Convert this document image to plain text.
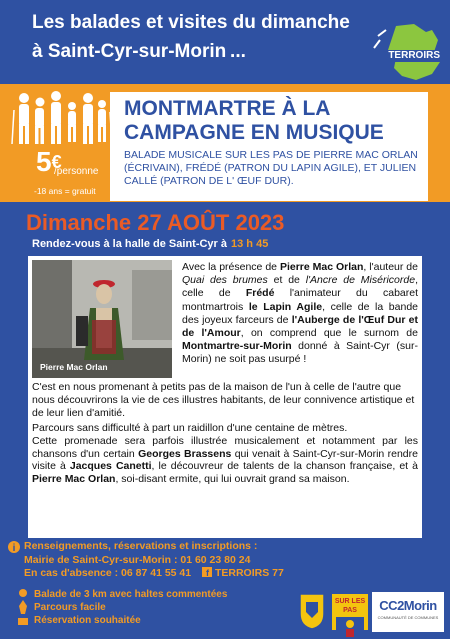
Les balades et visites du dimanche
à Saint-Cyr-sur-Morin ...	TERROIRS
MONTMARTRE À LA
CAMPAGNE EN MUSIQUE
BALADE MUSICALE SUR LES PAS DE PIERRE MAC ORLAN (ÉCRIVAIN), FRÉDÉ (PATRON DU LAPIN AGILE), ET JULIEN CALLÉ (PATRON DE L' ŒUF DUR).
5€
/personne
-18 ans = gratuit
Dimanche 27 AOÛT 2023
Rendez-vous à la halle de Saint-Cyr à 13 h 45
Pierre Mac Orlan
Avec la présence de Pierre Mac Orlan, l'auteur de Quai des brumes et de l'Ancre de Miséricorde, celle de Frédé l'animateur du cabaret montmartrois le Lapin Agile, celle de la bande des joyeux farceurs de l'Auberge de l'Œuf Dur et de l'Amour, on comprend que le surnom de Montmartre-sur-Morin donné à Saint-Cyr (sur-Morin) ne soit pas usurpé !

C'est en nous promenant à petits pas de la maison de l'un à celle de l'autre que nous découvrirons la vie de ces illustres habitants, de leur connivence artistique et de leur lien d'amitié.

Parcours sans difficulté à part un raidillon d'une centaine de mètres.

Cette promenade sera parfois illustrée musicalement et notamment par les chansons d'un certain Georges Brassens qui venait à Saint-Cyr-sur-Morin rendre visite à Jacques Canetti, le découvreur de talents de la chanson française, et à Pierre Mac Orlan, soi-disant ermite, qui lui ouvrait grand sa maison.

i Renseignements, réservations et inscriptions :
Mairie de Saint-Cyr-sur-Morin : 01 60 23 80 24
En cas d'absence : 06 87 41 55 41 f TERROIRS 77
Balade de 3 km avec haltes commentées
Parcours facile
Réservation souhaitée
SUR LES PAS	CC2Morin
COMMUNAUTÉ DE COMMUNES
